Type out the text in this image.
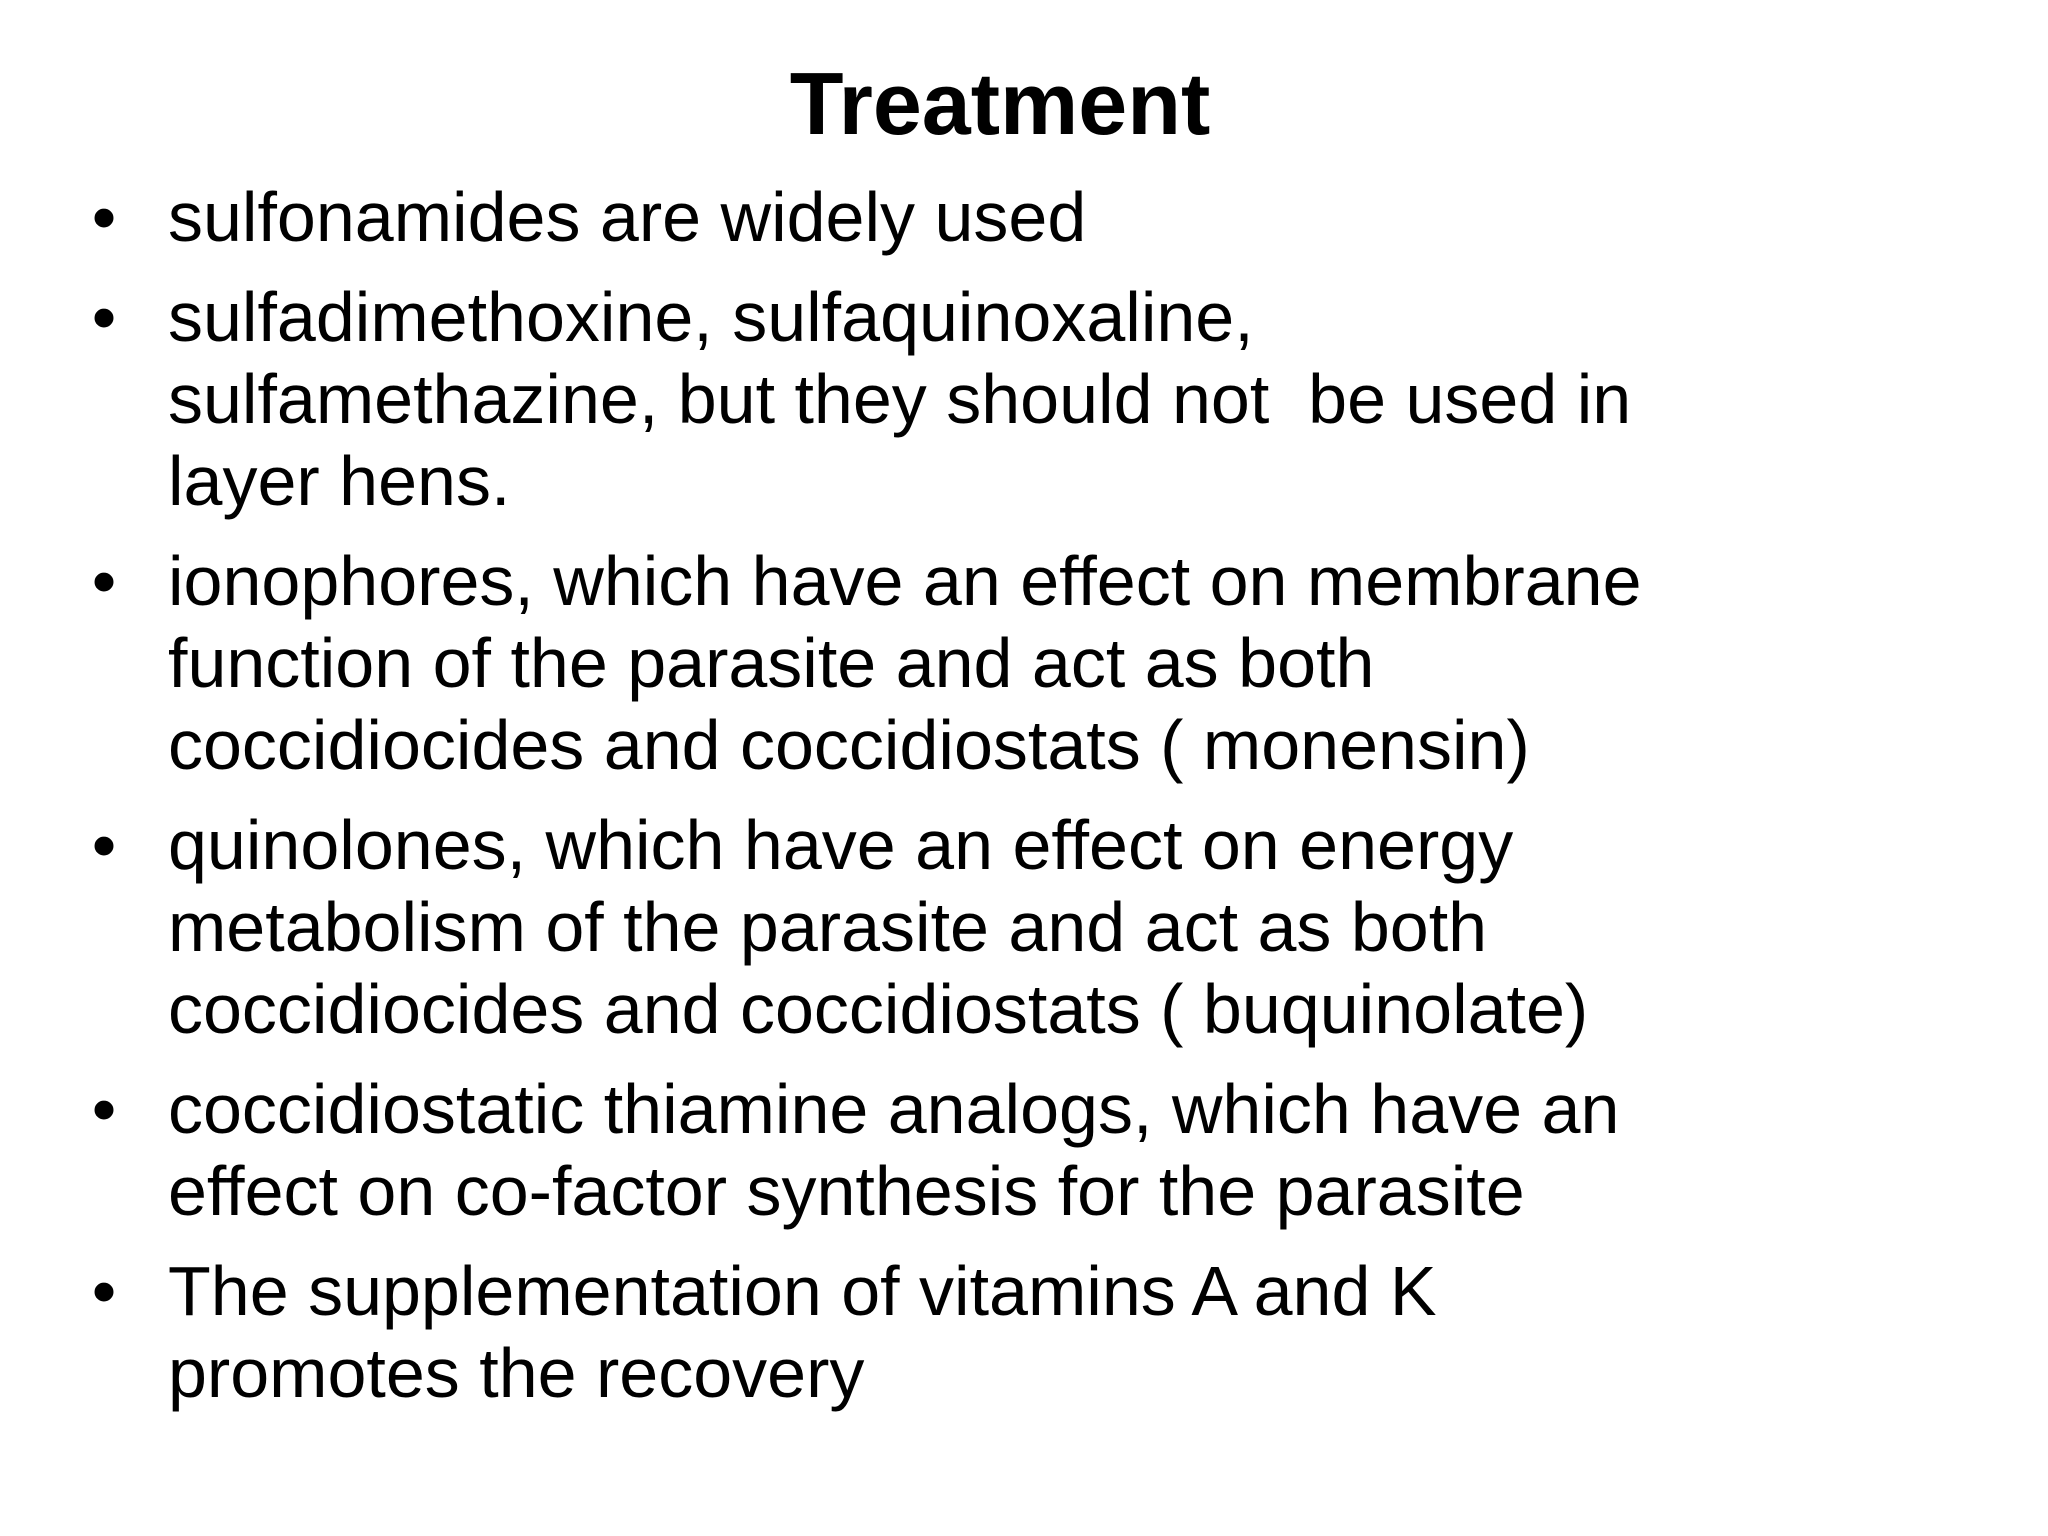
Treatment
• sulfonamides are widely used
• sulfadimethoxine, sulfaquinoxaline,
sulfamethazine, but they should not  be used in
layer hens.
• ionophores, which have an effect on membrane
function of the parasite and act as both
coccidiocides and coccidiostats ( monensin)
• quinolones, which have an effect on energy
metabolism of the parasite and act as both
coccidiocides and coccidiostats ( buquinolate)
• coccidiostatic thiamine analogs, which have an
effect on co-factor synthesis for the parasite
• The supplementation of vitamins A and K
promotes the recovery
